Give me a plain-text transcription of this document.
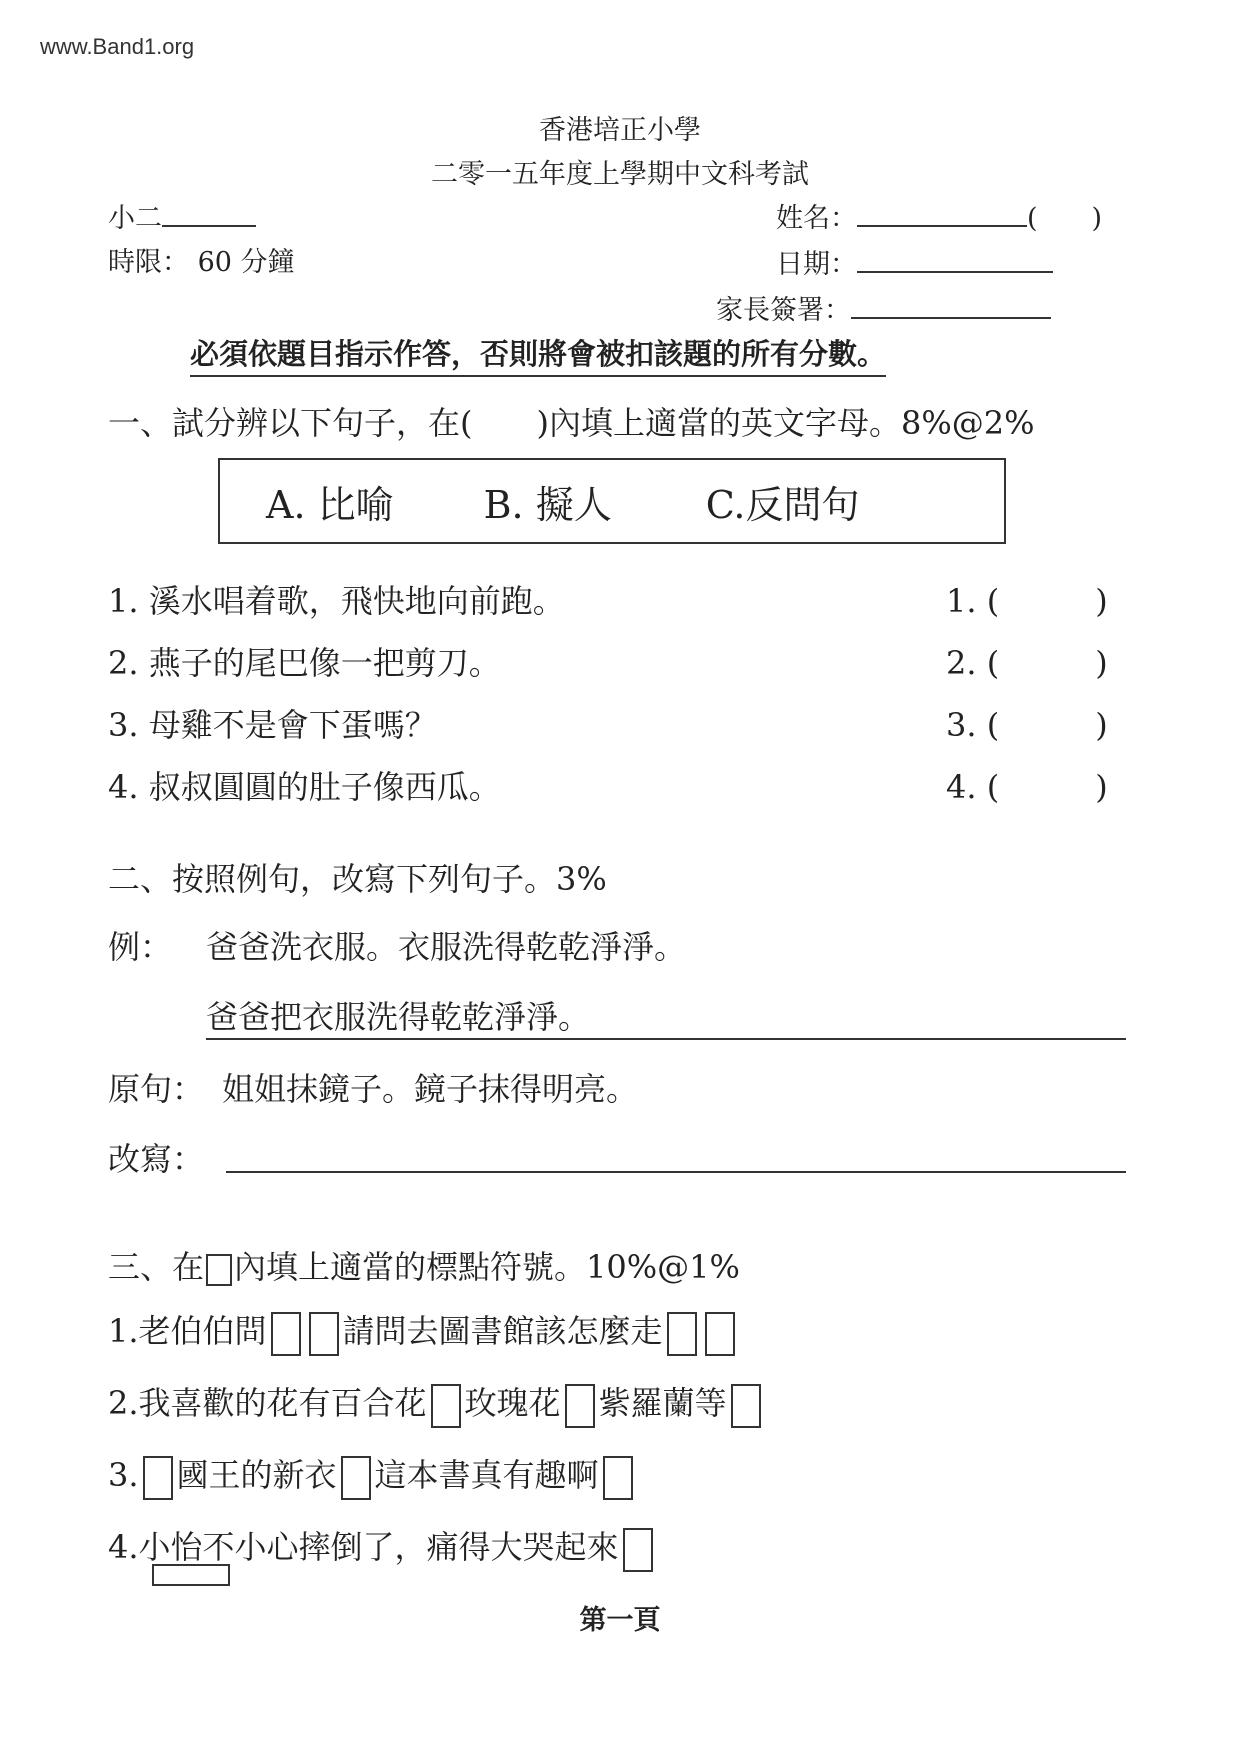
www.Band1.org
香港培正小學
二零一五年度上學期中文科考試
小二
時限： 60 分鐘
姓名：	(　　)
日期：
家長簽署：
必須依題目指示作答，否則將會被扣該題的所有分數。
一、試分辨以下句子，在(　　)內填上適當的英文字母。8%@2%
A. 比喻 B. 擬人 C.反問句
1. 溪水唱着歌，飛快地向前跑。	1. (　　　)
2. 燕子的尾巴像一把剪刀。	2. (　　　)
3. 母雞不是會下蛋嗎？	3. (　　　)
4. 叔叔圓圓的肚子像西瓜。	4. (　　　)
二、按照例句，改寫下列句子。3%
例： 爸爸洗衣服。衣服洗得乾乾淨淨。
爸爸把衣服洗得乾乾淨淨。
原句： 姐姐抹鏡子。鏡子抹得明亮。
改寫：
三、在 內填上適當的標點符號。10%@1%
1.老伯伯問 請問去圖書館該怎麼走
2.我喜歡的花有百合花 玫瑰花 紫羅蘭等
3. 國王的新衣 這本書真有趣啊
4.小怡不小心摔倒了，痛得大哭起來
第一頁
